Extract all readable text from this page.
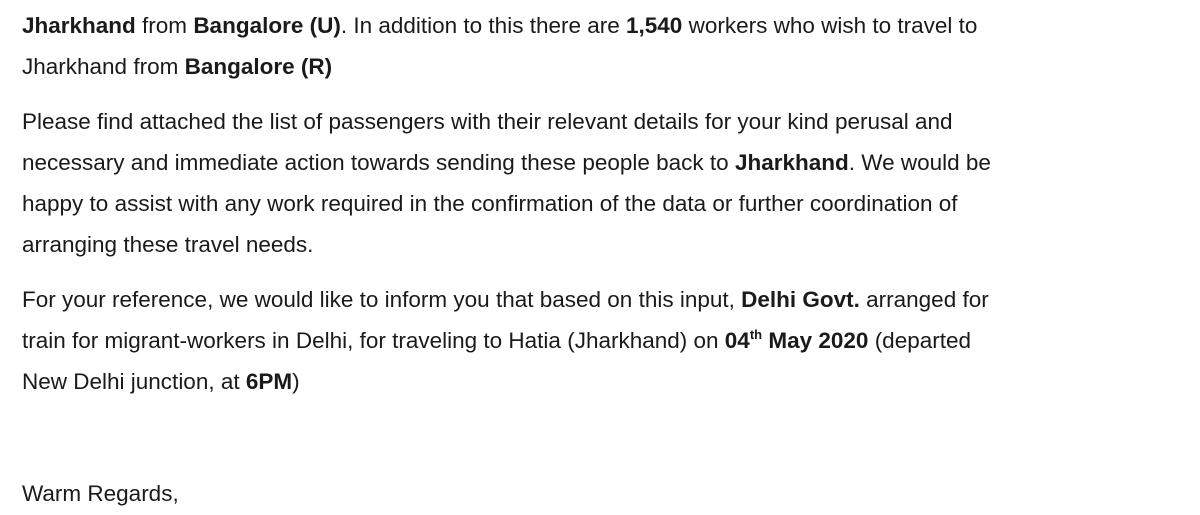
Jharkhand from Bangalore (U). In addition to this there are 1,540 workers who wish to travel to
Jharkhand from Bangalore (R)

Please find attached the list of passengers with their relevant details for your kind perusal and
necessary and immediate action towards sending these people back to Jharkhand. We would be
happy to assist with any work required in the confirmation of the data or further coordination of
arranging these travel needs.

For your reference, we would like to inform you that based on this input, Delhi Govt. arranged for
train for migrant-workers in Delhi, for traveling to Hatia (Jharkhand) on 04th May 2020 (departed
New Delhi junction, at 6PM)

Warm Regards,
